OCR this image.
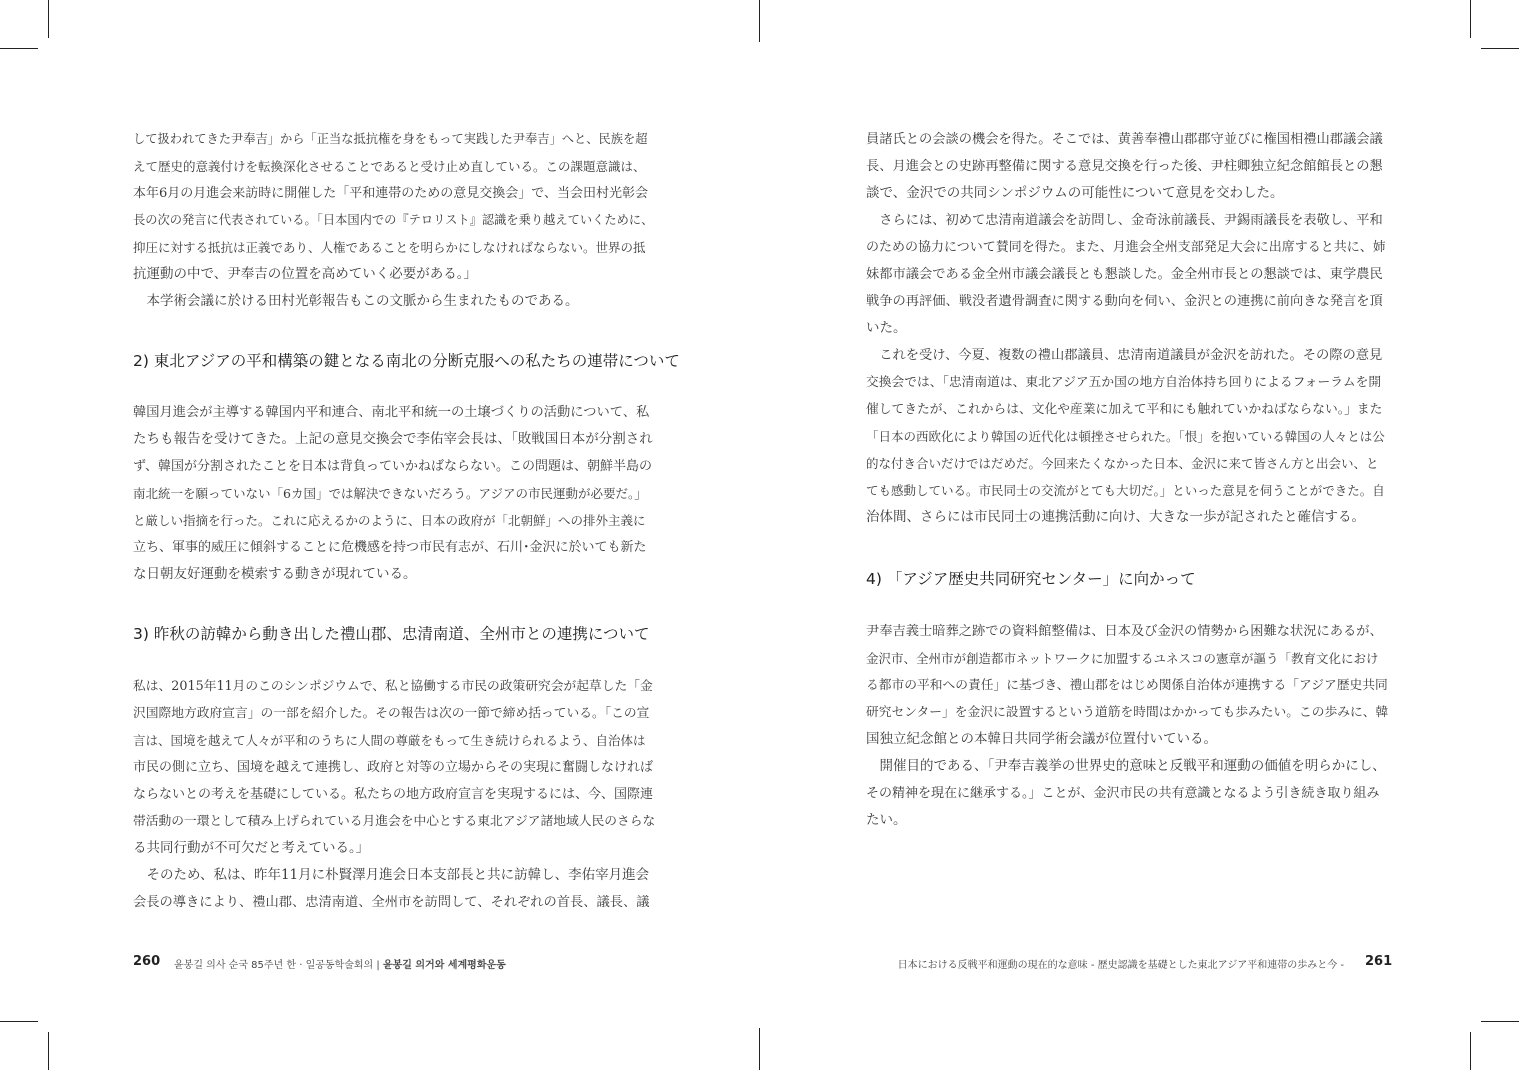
して扱われてきた尹奉吉」から「正当な抵抗権を身をもって実践した尹奉吉」へと、民族を超
えて歴史的意義付けを転換深化させることであると受け止め直している。この課題意識は、
本年6月の月進会来訪時に開催した「平和連帯のための意見交換会」で、当会田村光彰会
長の次の発言に代表されている。「日本国内での『テロリスト』認識を乗り越えていくために、
抑圧に対する抵抗は正義であり、人権であることを明らかにしなければならない。世界の抵
抗運動の中で、尹奉吉の位置を高めていく必要がある。」
　本学術会議に於ける田村光彰報告もこの文脈から生まれたものである。

2) 東北アジアの平和構築の鍵となる南北の分断克服への私たちの連帯について

韓国月進会が主導する韓国内平和連合、南北平和統一の土壌づくりの活動について、私
たちも報告を受けてきた。上記の意見交換会で李佑宰会長は、「敗戦国日本が分割され
ず、韓国が分割されたことを日本は背負っていかねばならない。この問題は、朝鮮半島の
南北統一を願っていない「6カ国」では解決できないだろう。アジアの市民運動が必要だ。」
と厳しい指摘を行った。これに応えるかのように、日本の政府が「北朝鮮」への排外主義に
立ち、軍事的威圧に傾斜することに危機感を持つ市民有志が、石川･金沢に於いても新た
な日朝友好運動を模索する動きが現れている。

3) 昨秋の訪韓から動き出した禮山郡、忠清南道、全州市との連携について

私は、2015年11月のこのシンポジウムで、私と協働する市民の政策研究会が起草した「金
沢国際地方政府宣言」の一部を紹介した。その報告は次の一節で締め括っている。「この宣
言は、国境を越えて人々が平和のうちに人間の尊厳をもって生き続けられるよう、自治体は
市民の側に立ち、国境を越えて連携し、政府と対等の立場からその実現に奮闘しなければ
ならないとの考えを基礎にしている。私たちの地方政府宣言を実現するには、今、国際連
帯活動の一環として積み上げられている月進会を中心とする東北アジア諸地域人民のさらな
る共同行動が不可欠だと考えている。」
　そのため、私は、昨年11月に朴賢澤月進会日本支部長と共に訪韓し、李佑宰月進会
会長の導きにより、禮山郡、忠清南道、全州市を訪問して、それぞれの首長、議長、議

260 윤봉길 의사 순국 85주년 한 · 일공동학술회의 | 윤봉길 의거와 세계평화운동

員諸氏との会談の機会を得た。そこでは、黄善奉禮山郡郡守並びに権国相禮山郡議会議
長、月進会との史跡再整備に関する意見交換を行った後、尹柱卿独立紀念館館長との懇
談で、金沢での共同シンポジウムの可能性について意見を交わした。
　さらには、初めて忠清南道議会を訪問し、金奇泳前議長、尹錫雨議長を表敬し、平和
のための協力について賛同を得た。また、月進会全州支部発足大会に出席すると共に、姉
妹都市議会である金全州市議会議長とも懇談した。金全州市長との懇談では、東学農民
戦争の再評価、戦没者遺骨調査に関する動向を伺い、金沢との連携に前向きな発言を頂
いた。
　これを受け、今夏、複数の禮山郡議員、忠清南道議員が金沢を訪れた。その際の意見
交換会では、「忠清南道は、東北アジア五か国の地方自治体持ち回りによるフォーラムを開
催してきたが、これからは、文化や産業に加えて平和にも触れていかねばならない。」また
「日本の西欧化により韓国の近代化は頓挫させられた。「恨」を抱いている韓国の人々とは公
的な付き合いだけではだめだ。今回来たくなかった日本、金沢に来て皆さん方と出会い、と
ても感動している。市民同士の交流がとても大切だ。」といった意見を伺うことができた。自
治体間、さらには市民同士の連携活動に向け、大きな一歩が記されたと確信する。

4) 「アジア歴史共同研究センター」に向かって

尹奉吉義士暗葬之跡での資料館整備は、日本及び金沢の情勢から困難な状況にあるが、
金沢市、全州市が創造都市ネットワークに加盟するユネスコの憲章が謳う「教育文化におけ
る都市の平和への責任」に基づき、禮山郡をはじめ関係自治体が連携する「アジア歴史共同
研究センター」を金沢に設置するという道筋を時間はかかっても歩みたい。この歩みに、韓
国独立紀念館との本韓日共同学術会議が位置付いている。
　開催目的である、「尹奉吉義挙の世界史的意味と反戦平和運動の価値を明らかにし、
その精神を現在に継承する。」ことが、金沢市民の共有意識となるよう引き続き取り組み
たい。

日本における反戦平和運動の現在的な意味 - 歴史認識を基礎とした東北アジア平和連帯の歩みと今 - 261
